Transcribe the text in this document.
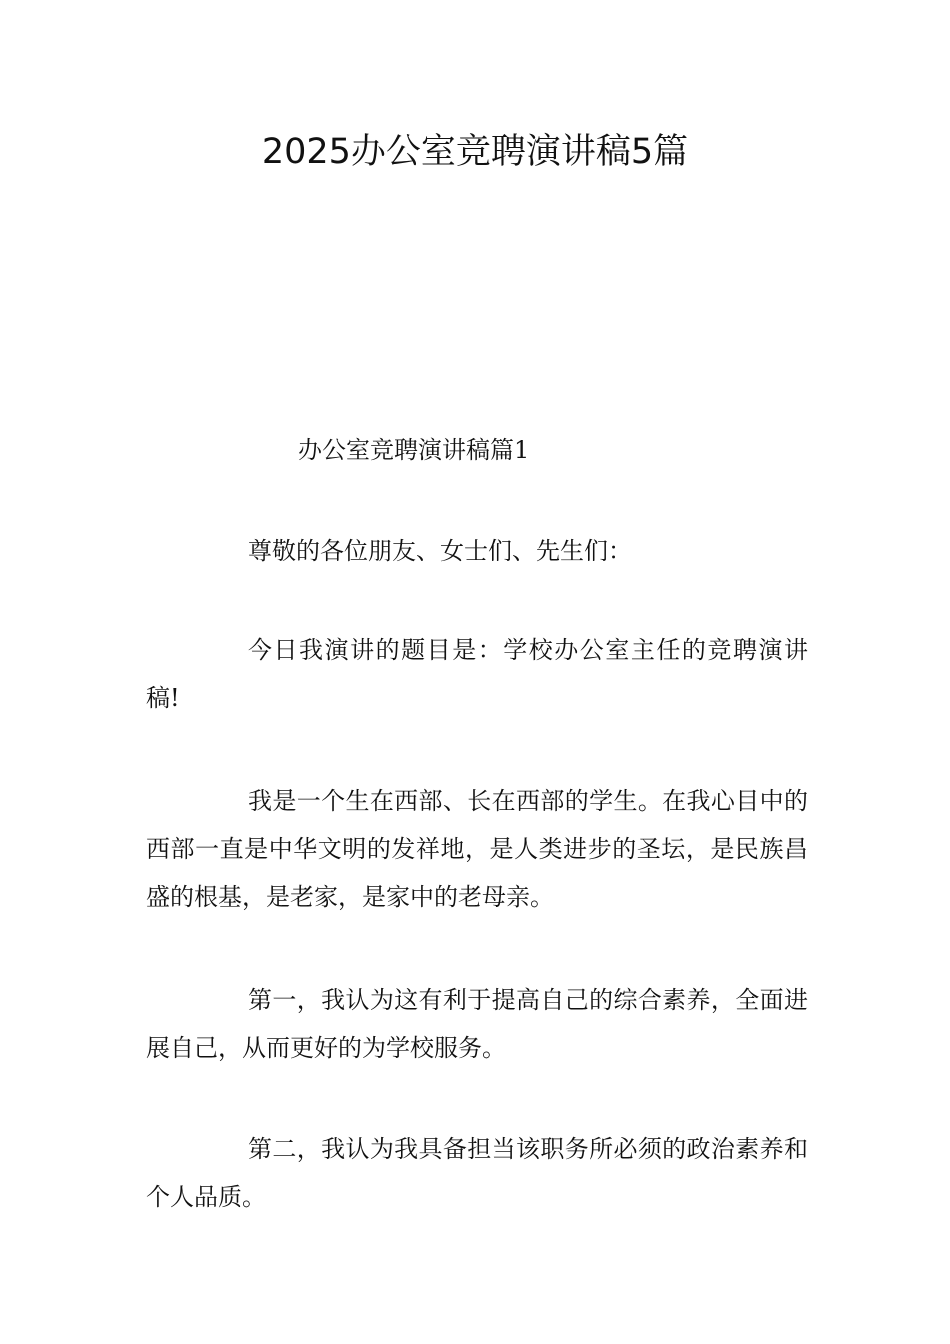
2025办公室竞聘演讲稿5篇

办公室竞聘演讲稿篇1

尊敬的各位朋友、女士们、先生们：

今日我演讲的题目是：学校办公室主任的竞聘演讲稿!

我是一个生在西部、长在西部的学生。在我心目中的西部一直是中华文明的发祥地，是人类进步的圣坛，是民族昌盛的根基，是老家，是家中的老母亲。

第一，我认为这有利于提高自己的综合素养，全面进展自己，从而更好的为学校服务。

第二，我认为我具备担当该职务所必须的政治素养和个人品质。
